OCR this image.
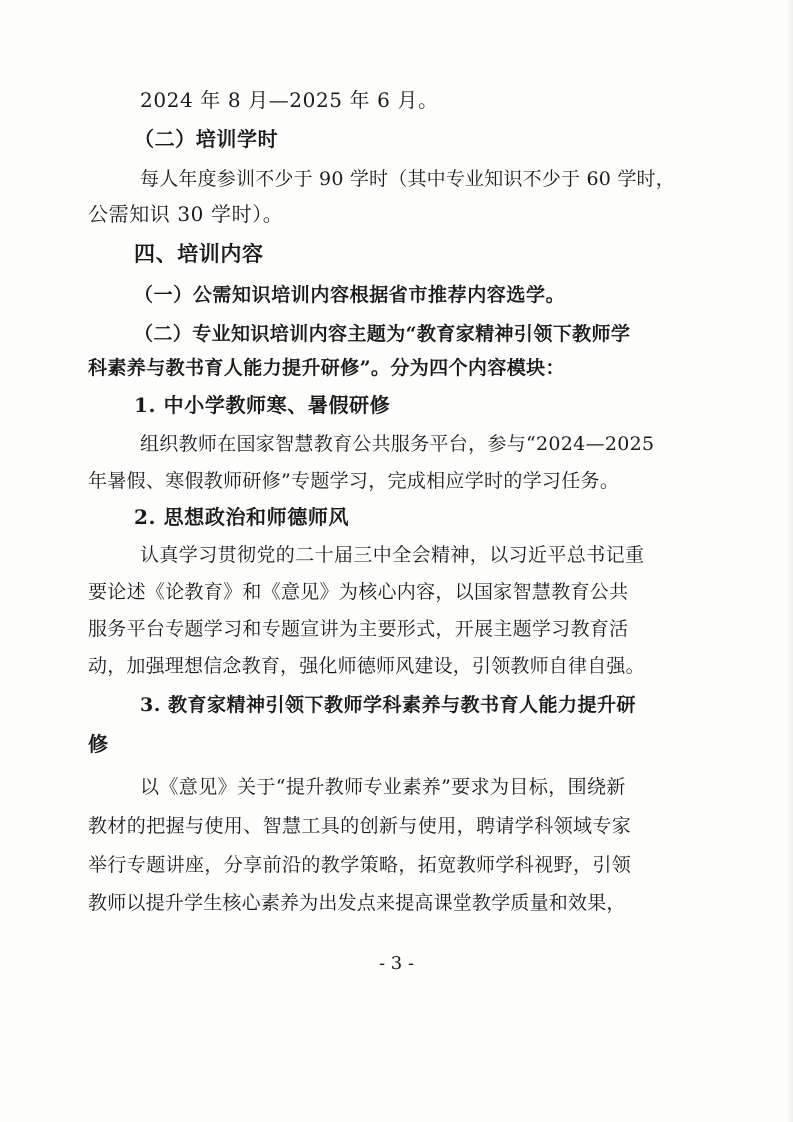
2024 年 8 月—2025 年 6 月。
（二）培训学时
每人年度参训不少于 90 学时（其中专业知识不少于 60 学时，
公需知识 30 学时）。
四、培训内容
（一）公需知识培训内容根据省市推荐内容选学。
（二）专业知识培训内容主题为“教育家精神引领下教师学
科素养与教书育人能力提升研修”。分为四个内容模块：
1. 中小学教师寒、暑假研修
组织教师在国家智慧教育公共服务平台，参与“2024—2025
年暑假、寒假教师研修”专题学习，完成相应学时的学习任务。
2. 思想政治和师德师风
认真学习贯彻党的二十届三中全会精神，以习近平总书记重
要论述《论教育》和《意见》为核心内容，以国家智慧教育公共
服务平台专题学习和专题宣讲为主要形式，开展主题学习教育活
动，加强理想信念教育，强化师德师风建设，引领教师自律自强。
3. 教育家精神引领下教师学科素养与教书育人能力提升研
修
以《意见》关于“提升教师专业素养”要求为目标，围绕新
教材的把握与使用、智慧工具的创新与使用，聘请学科领域专家
举行专题讲座，分享前沿的教学策略，拓宽教师学科视野，引领
教师以提升学生核心素养为出发点来提高课堂教学质量和效果，
- 3 -
